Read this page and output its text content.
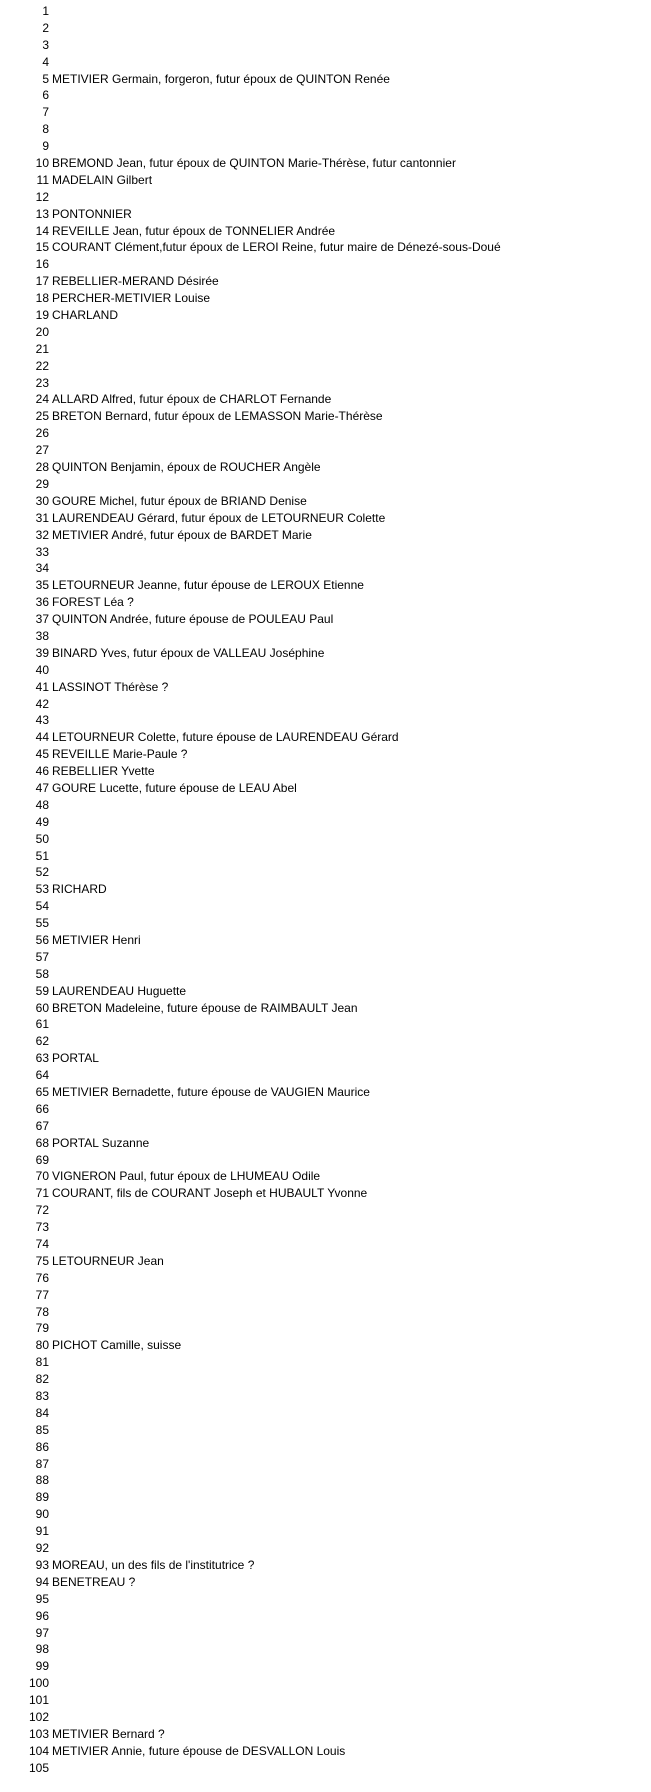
1
2
3
4
5 METIVIER Germain, forgeron, futur époux de QUINTON Renée
6
7
8
9
10 BREMOND Jean, futur époux de QUINTON Marie-Thérèse, futur cantonnier
11 MADELAIN Gilbert
12
13 PONTONNIER
14 REVEILLE Jean, futur époux de TONNELIER Andrée
15 COURANT Clément,futur époux de LEROI Reine, futur maire de Dénezé-sous-Doué
16
17 REBELLIER-MERAND Désirée
18 PERCHER-METIVIER Louise
19 CHARLAND
20
21
22
23
24 ALLARD Alfred, futur époux de CHARLOT Fernande
25 BRETON Bernard, futur époux de LEMASSON Marie-Thérèse
26
27
28 QUINTON Benjamin, époux de ROUCHER Angèle
29
30 GOURE Michel, futur époux de BRIAND Denise
31 LAURENDEAU Gérard, futur époux de LETOURNEUR Colette
32 METIVIER André, futur époux de BARDET Marie
33
34
35 LETOURNEUR Jeanne, futur épouse de LEROUX Etienne
36 FOREST Léa ?
37 QUINTON Andrée, future épouse de POULEAU Paul
38
39 BINARD Yves, futur époux de VALLEAU Joséphine
40
41 LASSINOT Thérèse ?
42
43
44 LETOURNEUR Colette, future épouse de LAURENDEAU Gérard
45 REVEILLE Marie-Paule ?
46 REBELLIER Yvette
47 GOURE Lucette, future épouse de LEAU Abel
48
49
50
51
52
53 RICHARD
54
55
56 METIVIER Henri
57
58
59 LAURENDEAU Huguette
60 BRETON Madeleine, future épouse de RAIMBAULT Jean
61
62
63 PORTAL
64
65 METIVIER Bernadette, future épouse de VAUGIEN Maurice
66
67
68 PORTAL Suzanne
69
70 VIGNERON Paul, futur époux de LHUMEAU Odile
71 COURANT, fils de COURANT Joseph et HUBAULT Yvonne
72
73
74
75 LETOURNEUR Jean
76
77
78
79
80 PICHOT Camille, suisse
81
82
83
84
85
86
87
88
89
90
91
92
93 MOREAU, un des fils de l'institutrice ?
94 BENETREAU ?
95
96
97
98
99
100
101
102
103 METIVIER Bernard ?
104 METIVIER Annie, future épouse de DESVALLON Louis
105
